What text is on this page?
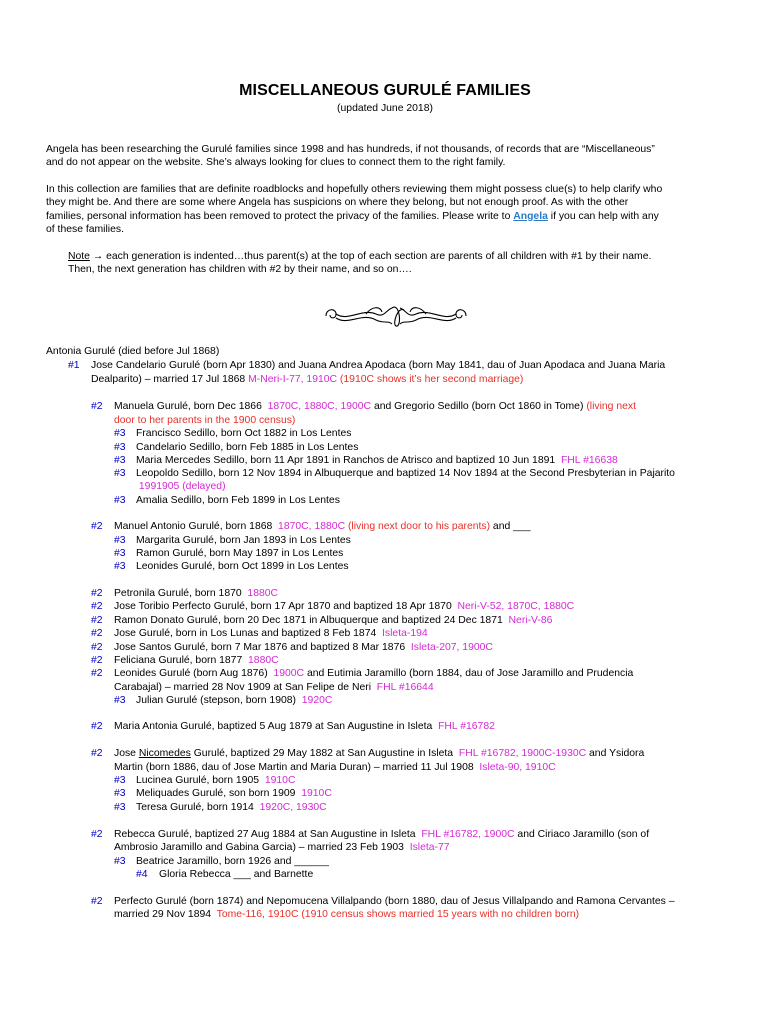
MISCELLANEOUS GURULÉ FAMILIES
(updated June 2018)
Angela has been researching the Gurulé families since 1998 and has hundreds, if not thousands, of records that are “Miscellaneous”
and do not appear on the website. She’s always looking for clues to connect them to the right family.
In this collection are families that are definite roadblocks and hopefully others reviewing them might possess clue(s) to help clarify who
they might be. And there are some where Angela has suspicions on where they belong, but not enough proof. As with the other
families, personal information has been removed to protect the privacy of the families. Please write to Angela if you can help with any
of these families.
Note → each generation is indented…thus parent(s) at the top of each section are parents of all children with #1 by their name.
Then, the next generation has children with #2 by their name, and so on….
Antonia Gurulé (died before Jul 1868)
#1 Jose Candelario Gurulé (born Apr 1830) and Juana Andrea Apodaca (born May 1841, dau of Juan Apodaca and Juana Maria
Dealparito) – married 17 Jul 1868 M-Neri-I-77, 1910C (1910C shows it’s her second marriage)
#2 Manuela Gurulé, born Dec 1866  1870C, 1880C, 1900C and Gregorio Sedillo (born Oct 1860 in Tome) (living next
door to her parents in the 1900 census)
#3 Francisco Sedillo, born Oct 1882 in Los Lentes
#3 Candelario Sedillo, born Feb 1885 in Los Lentes
#3 Maria Mercedes Sedillo, born 11 Apr 1891 in Ranchos de Atrisco and baptized 10 Jun 1891  FHL #16638
#3 Leopoldo Sedillo, born 12 Nov 1894 in Albuquerque and baptized 14 Nov 1894 at the Second Presbyterian in Pajarito
1991905 (delayed)
#3 Amalia Sedillo, born Feb 1899 in Los Lentes
#2 Manuel Antonio Gurulé, born 1868  1870C, 1880C (living next door to his parents) and ___
#3 Margarita Gurulé, born Jan 1893 in Los Lentes
#3 Ramon Gurulé, born May 1897 in Los Lentes
#3 Leonides Gurulé, born Oct 1899 in Los Lentes
#2 Petronila Gurulé, born 1870  1880C
#2 Jose Toribio Perfecto Gurulé, born 17 Apr 1870 and baptized 18 Apr 1870  Neri-V-52, 1870C, 1880C
#2 Ramon Donato Gurulé, born 20 Dec 1871 in Albuquerque and baptized 24 Dec 1871  Neri-V-86
#2 Jose Gurulé, born in Los Lunas and baptized 8 Feb 1874  Isleta-194
#2 Jose Santos Gurulé, born 7 Mar 1876 and baptized 8 Mar 1876  Isleta-207, 1900C
#2 Feliciana Gurulé, born 1877  1880C
#2 Leonides Gurulé (born Aug 1876)  1900C and Eutimia Jaramillo (born 1884, dau of Jose Jaramillo and Prudencia
Carabajal) – married 28 Nov 1909 at San Felipe de Neri  FHL #16644
#3 Julian Gurulé (stepson, born 1908)  1920C
#2 Maria Antonia Gurulé, baptized 5 Aug 1879 at San Augustine in Isleta  FHL #16782
#2 Jose Nicomedes Gurulé, baptized 29 May 1882 at San Augustine in Isleta  FHL #16782, 1900C-1930C and Ysidora
Martin (born 1886, dau of Jose Martin and Maria Duran) – married 11 Jul 1908  Isleta-90, 1910C
#3 Lucinea Gurulé, born 1905  1910C
#3 Meliquades Gurulé, son born 1909  1910C
#3 Teresa Gurulé, born 1914  1920C, 1930C
#2 Rebecca Gurulé, baptized 27 Aug 1884 at San Augustine in Isleta  FHL #16782, 1900C and Ciriaco Jaramillo (son of
Ambrosio Jaramillo and Gabina Garcia) – married 23 Feb 1903  Isleta-77
#3 Beatrice Jaramillo, born 1926 and ______
#4 Gloria Rebecca ___ and Barnette
#2 Perfecto Gurulé (born 1874) and Nepomucena Villalpando (born 1880, dau of Jesus Villalpando and Ramona Cervantes –
married 29 Nov 1894  Tome-116, 1910C (1910 census shows married 15 years with no children born)
